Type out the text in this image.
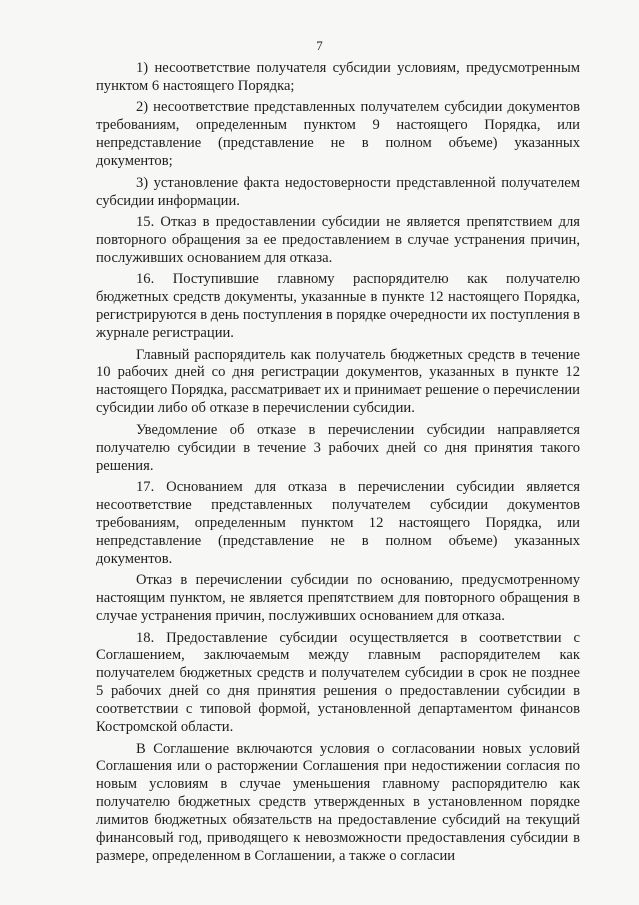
7

1) несоответствие получателя субсидии условиям, предусмотренным пунктом 6 настоящего Порядка;

2) несоответствие представленных получателем субсидии документов требованиям, определенным пунктом 9 настоящего Порядка, или непредставление (представление не в полном объеме) указанных документов;

3) установление факта недостоверности представленной получателем субсидии информации.

15. Отказ в предоставлении субсидии не является препятствием для повторного обращения за ее предоставлением в случае устранения причин, послуживших основанием для отказа.

16. Поступившие главному распорядителю как получателю бюджетных средств документы, указанные в пункте 12 настоящего Порядка, регистрируются в день поступления в порядке очередности их поступления в журнале регистрации.

Главный распорядитель как получатель бюджетных средств в течение 10 рабочих дней со дня регистрации документов, указанных в пункте 12 настоящего Порядка, рассматривает их и принимает решение о перечислении субсидии либо об отказе в перечислении субсидии.

Уведомление об отказе в перечислении субсидии направляется получателю субсидии в течение 3 рабочих дней со дня принятия такого решения.

17. Основанием для отказа в перечислении субсидии является несоответствие представленных получателем субсидии документов требованиям, определенным пунктом 12 настоящего Порядка, или непредставление (представление не в полном объеме) указанных документов.

Отказ в перечислении субсидии по основанию, предусмотренному настоящим пунктом, не является препятствием для повторного обращения в случае устранения причин, послуживших основанием для отказа.

18. Предоставление субсидии осуществляется в соответствии с Соглашением, заключаемым между главным распорядителем как получателем бюджетных средств и получателем субсидии в срок не позднее 5 рабочих дней со дня принятия решения о предоставлении субсидии в соответствии с типовой формой, установленной департаментом финансов Костромской области.

В Соглашение включаются условия о согласовании новых условий Соглашения или о расторжении Соглашения при недостижении согласия по новым условиям в случае уменьшения главному распорядителю как получателю бюджетных средств утвержденных в установленном порядке лимитов бюджетных обязательств на предоставление субсидий на текущий финансовый год, приводящего к невозможности предоставления субсидии в размере, определенном в Соглашении, а также о согласии
